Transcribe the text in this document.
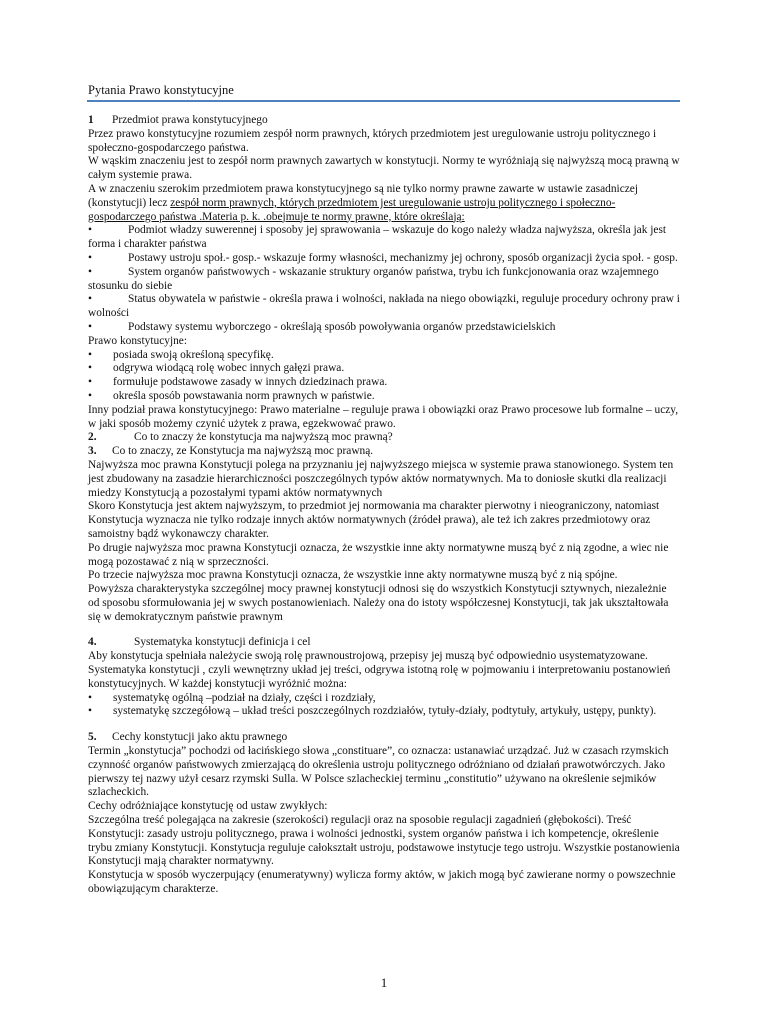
Pytania Prawo konstytucyjne

1 Przedmiot prawa konstytucyjnego

Przez prawo konstytucyjne rozumiem zespół norm prawnych, których przedmiotem jest uregulowanie ustroju politycznego i społeczno-gospodarczego państwa.

W wąskim znaczeniu jest to zespół norm prawnych zawartych w konstytucji. Normy te wyróżniają się najwyższą mocą prawną w całym systemie prawa.

A w znaczeniu szerokim przedmiotem prawa konstytucyjnego są nie tylko normy prawne zawarte w ustawie zasadniczej (konstytucji) lecz zespół norm prawnych, których przedmiotem jest uregulowanie ustroju politycznego i społeczno-gospodarczego państwa .Materia p. k. .obejmuje te normy prawne, które określają:

• Podmiot władzy suwerennej i sposoby jej sprawowania – wskazuje do kogo należy władza najwyższa, określa jak jest forma i charakter państwa

• Postawy ustroju społ.- gosp.- wskazuje formy własności, mechanizmy jej ochrony, sposób organizacji życia społ. - gosp.

• System organów państwowych - wskazanie struktury organów państwa, trybu ich funkcjonowania oraz wzajemnego stosunku do siebie

• Status obywatela w państwie - określa prawa i wolności, nakłada na niego obowiązki, reguluje procedury ochrony praw i wolności

• Podstawy systemu wyborczego - określają sposób powoływania organów przedstawicielskich

Prawo konstytucyjne:

• posiada swoją określoną specyfikę.

• odgrywa wiodącą rolę wobec innych gałęzi prawa.

• formułuje podstawowe zasady w innych dziedzinach prawa.

• określa sposób powstawania norm prawnych w państwie.

Inny podział prawa konstytucyjnego: Prawo materialne – reguluje prawa i obowiązki oraz Prawo procesowe lub formalne – uczy, w jaki sposób możemy czynić użytek z prawa, egzekwować prawo.

2.	Co to znaczy że konstytucja ma najwyższą moc prawną?

3. Co to znaczy, ze Konstytucja ma najwyższą moc prawną.

Najwyższa moc prawna Konstytucji polega na przyznaniu jej najwyższego miejsca w systemie prawa stanowionego. System ten jest zbudowany na zasadzie hierarchiczności poszczególnych typów aktów normatywnych. Ma to doniosłe skutki dla realizacji miedzy Konstytucją a pozostałymi typami aktów normatywnych

Skoro Konstytucja jest aktem najwyższym, to przedmiot jej normowania ma charakter pierwotny i nieograniczony, natomiast Konstytucja wyznacza nie tylko rodzaje innych aktów normatywnych (źródeł prawa), ale też ich zakres przedmiotowy oraz samoistny bądź wykonawczy charakter.

Po drugie najwyższa moc prawna Konstytucji oznacza, że wszystkie inne akty normatywne muszą być z nią zgodne, a wiec nie mogą pozostawać z nią w sprzeczności.

Po trzecie najwyższa moc prawna Konstytucji oznacza, że wszystkie inne akty normatywne muszą być z nią spójne.

Powyższa charakterystyka szczególnej mocy prawnej konstytucji odnosi się do wszystkich Konstytucji sztywnych, niezależnie od sposobu sformułowania jej w swych postanowieniach. Należy ona do istoty współczesnej Konstytucji, tak jak ukształtowała się w demokratycznym państwie prawnym

4.	Systematyka konstytucji definicja i cel

Aby konstytucja spełniała należycie swoją rolę prawnoustrojową, przepisy jej muszą być odpowiednio usystematyzowane.

Systematyka konstytucji , czyli wewnętrzny układ jej treści, odgrywa istotną rolę w pojmowaniu i interpretowaniu postanowień konstytucyjnych. W każdej konstytucji wyróżnić można:

• systematykę ogólną –podział na działy, części i rozdziały,

• systematykę szczegółową – układ treści poszczególnych rozdziałów, tytuły-działy, podtytuły, artykuły, ustępy, punkty).

5. Cechy konstytucji jako aktu prawnego

Termin „konstytucja” pochodzi od łacińskiego słowa „constituare”, co oznacza: ustanawiać urządzać. Już w czasach rzymskich czynność organów państwowych zmierzającą do określenia ustroju politycznego odróżniano od działań prawotwórczych. Jako pierwszy tej nazwy użył cesarz rzymski Sulla. W Polsce szlacheckiej terminu „constitutio” używano na określenie sejmików szlacheckich.

Cechy odróżniające konstytucję od ustaw zwykłych:

Szczególna treść polegająca na zakresie (szerokości) regulacji oraz na sposobie regulacji zagadnień (głębokości). Treść Konstytucji: zasady ustroju politycznego, prawa i wolności jednostki, system organów państwa i ich kompetencje, określenie trybu zmiany Konstytucji. Konstytucja reguluje całokształt ustroju, podstawowe instytucje tego ustroju. Wszystkie postanowienia Konstytucji mają charakter normatywny.

Konstytucja w sposób wyczerpujący (enumeratywny) wylicza formy aktów, w jakich mogą być zawierane normy o powszechnie obowiązującym charakterze.

1
